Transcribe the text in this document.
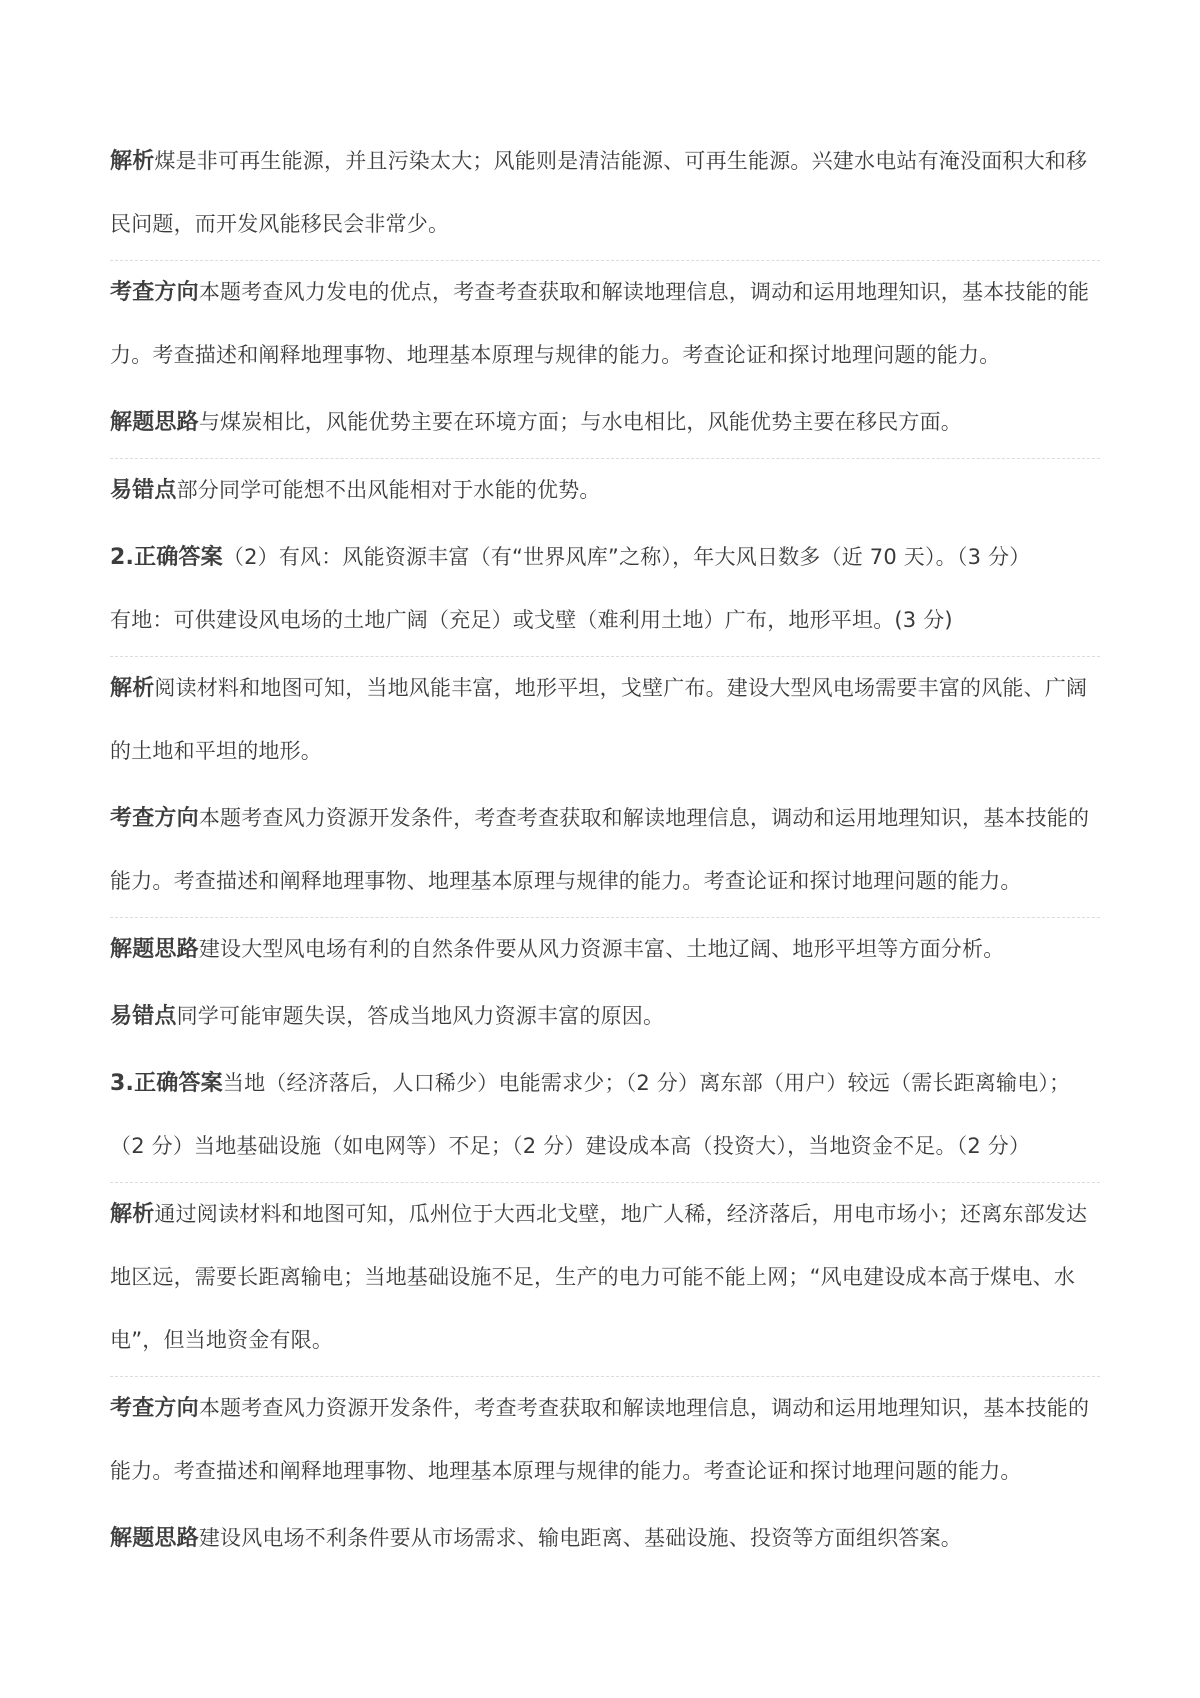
解析煤是非可再生能源，并且污染太大；风能则是清洁能源、可再生能源。兴建水电站有淹没面积大和移
民问题，而开发风能移民会非常少。
考查方向本题考查风力发电的优点，考查考查获取和解读地理信息，调动和运用地理知识，基本技能的能
力。考查描述和阐释地理事物、地理基本原理与规律的能力。考查论证和探讨地理问题的能力。
解题思路与煤炭相比，风能优势主要在环境方面；与水电相比，风能优势主要在移民方面。
易错点部分同学可能想不出风能相对于水能的优势。
2.正确答案（2）有风：风能资源丰富（有“世界风库”之称），年大风日数多（近 70 天）。（3 分）
有地：可供建设风电场的土地广阔（充足）或戈壁（难利用土地）广布，地形平坦。(3 分)
解析阅读材料和地图可知，当地风能丰富，地形平坦，戈壁广布。建设大型风电场需要丰富的风能、广阔
的土地和平坦的地形。
考查方向本题考查风力资源开发条件，考查考查获取和解读地理信息，调动和运用地理知识，基本技能的
能力。考查描述和阐释地理事物、地理基本原理与规律的能力。考查论证和探讨地理问题的能力。
解题思路建设大型风电场有利的自然条件要从风力资源丰富、土地辽阔、地形平坦等方面分析。
易错点同学可能审题失误，答成当地风力资源丰富的原因。
3.正确答案当地（经济落后，人口稀少）电能需求少；（2 分）离东部（用户）较远（需长距离输电）；
（2 分）当地基础设施（如电网等）不足；（2 分）建设成本高（投资大），当地资金不足。（2 分）
解析通过阅读材料和地图可知，瓜州位于大西北戈壁，地广人稀，经济落后，用电市场小；还离东部发达
地区远，需要长距离输电；当地基础设施不足，生产的电力可能不能上网；“风电建设成本高于煤电、水
电”，但当地资金有限。
考查方向本题考查风力资源开发条件，考查考查获取和解读地理信息，调动和运用地理知识，基本技能的
能力。考查描述和阐释地理事物、地理基本原理与规律的能力。考查论证和探讨地理问题的能力。
解题思路建设风电场不利条件要从市场需求、输电距离、基础设施、投资等方面组织答案。
